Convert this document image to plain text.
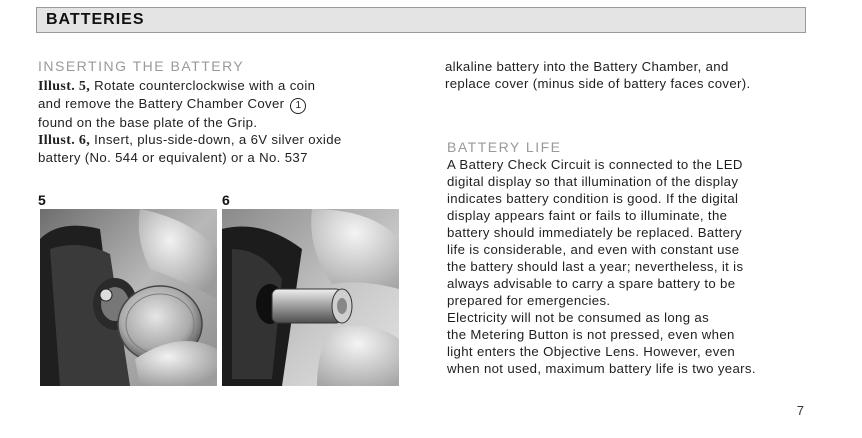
BATTERIES
INSERTING THE BATTERY

Illust. 5, Rotate counterclockwise with a coin

and remove the Battery Chamber Cover 1

found on the base plate of the Grip.

Illust. 6, Insert, plus-side-down, a 6V silver oxide

battery (No. 544 or equivalent) or a No. 537

5	6

alkaline battery into the Battery Chamber, and

replace cover (minus side of battery faces cover).

BATTERY LIFE

A Battery Check Circuit is connected to the LED

digital display so that illumination of the display

indicates battery condition is good. If the digital

display appears faint or fails to illuminate, the

battery should immediately be replaced. Battery

life is considerable, and even with constant use

the battery should last a year; nevertheless, it is

always advisable to carry a spare battery to be

prepared for emergencies.

Electricity will not be consumed as long as

the Metering Button is not pressed, even when

light enters the Objective Lens. However, even

when not used, maximum battery life is two years.

7
